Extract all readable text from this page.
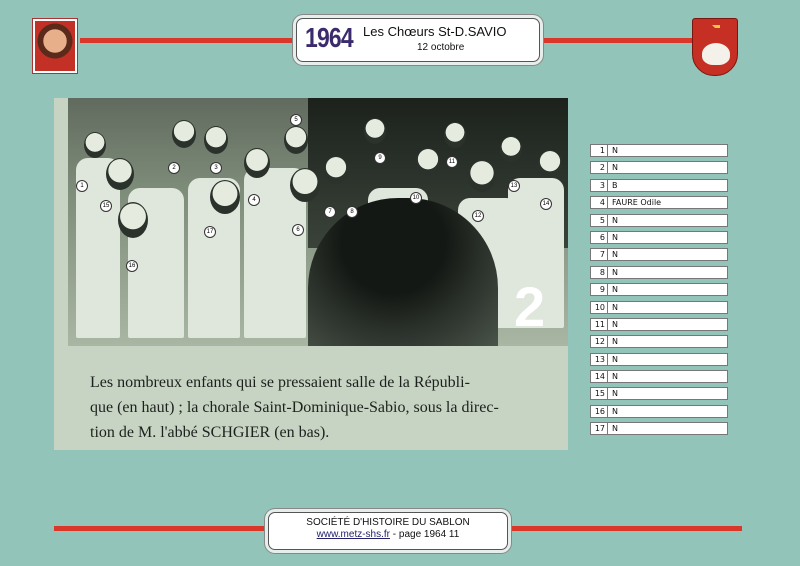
1964 Les Chœurs St-D.SAVIO
12 octobre
1
2	3
4
5
6
7	8
9
10
11
12
13
14
15
16
17
2
Les nombreux enfants qui se pressaient salle de la Républi-
que (en haut) ; la chorale Saint-Dominique-Sabio, sous la direc-
tion de M. l'abbé SCHGIER (en bas).
1 N
2 N
3 B
4 FAURE Odile
5 N
6 N
7 N
8 N
9 N
10 N
11 N
12 N
13 N
14 N
15 N
16 N
17 N
SOCIÉTÉ D'HISTOIRE DU SABLON
www.metz-shs.fr - page 1964 11
